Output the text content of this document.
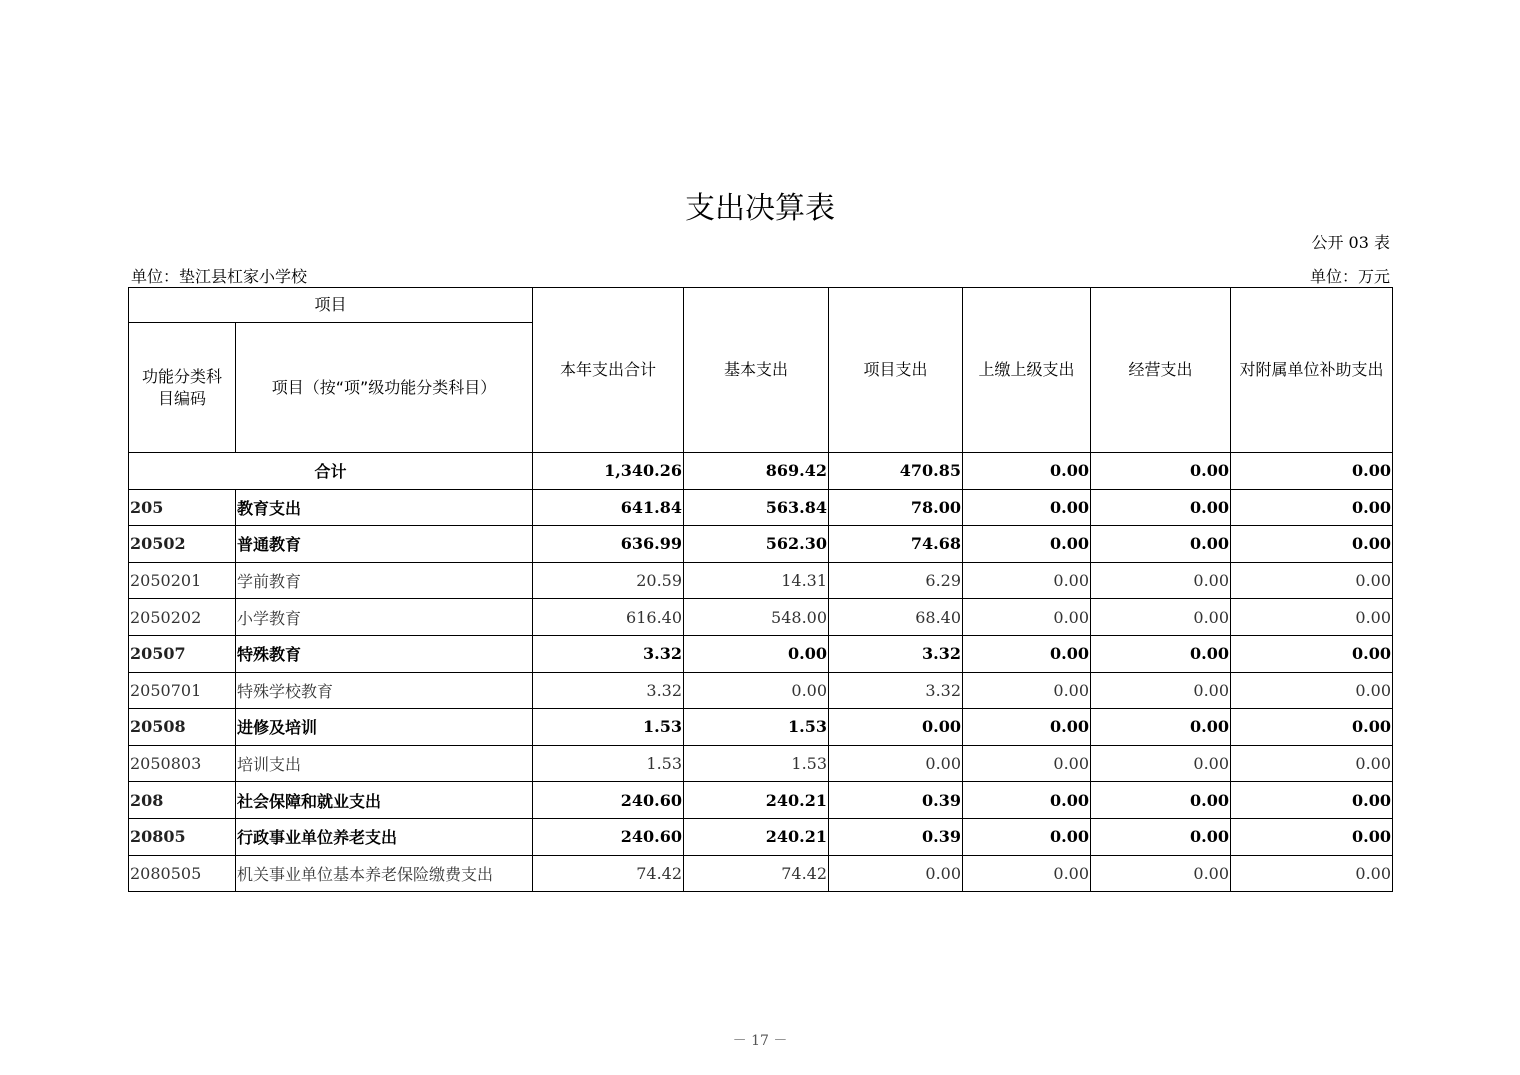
支出决算表
公开 03 表
单位：垫江县杠家小学校	单位：万元
项目		本年支出合计	基本支出	项目支出	上缴上级支出	经营支出	对附属单位补助支出
功能分类科目编码	项目（按“项”级功能分类科目）						
合计		1,340.26	869.42	470.85	0.00	0.00	0.00
205	教育支出	641.84	563.84	78.00	0.00	0.00	0.00
20502	普通教育	636.99	562.30	74.68	0.00	0.00	0.00
2050201	学前教育	20.59	14.31	6.29	0.00	0.00	0.00
2050202	小学教育	616.40	548.00	68.40	0.00	0.00	0.00
20507	特殊教育	3.32	0.00	3.32	0.00	0.00	0.00
2050701	特殊学校教育	3.32	0.00	3.32	0.00	0.00	0.00
20508	进修及培训	1.53	1.53	0.00	0.00	0.00	0.00
2050803	培训支出	1.53	1.53	0.00	0.00	0.00	0.00
208	社会保障和就业支出	240.60	240.21	0.39	0.00	0.00	0.00
20805	行政事业单位养老支出	240.60	240.21	0.39	0.00	0.00	0.00
2080505	机关事业单位基本养老保险缴费支出	74.42	74.42	0.00	0.00	0.00	0.00
－ 17 －
